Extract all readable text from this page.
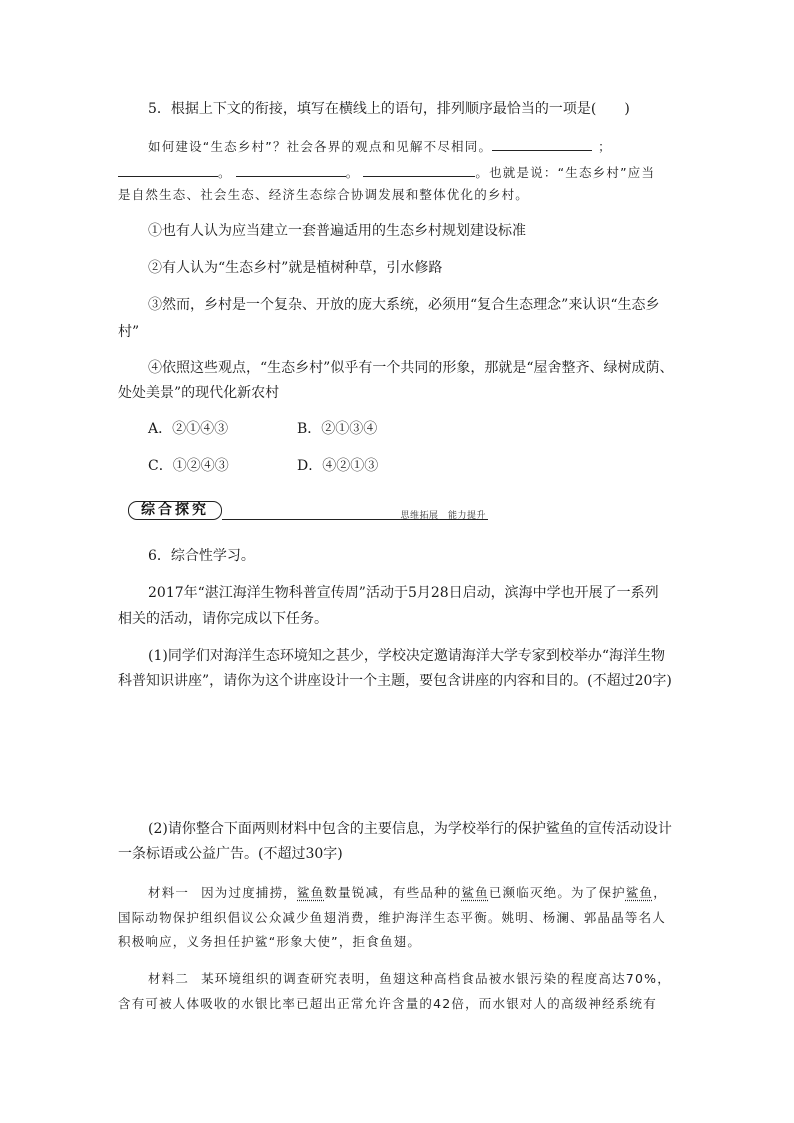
5．根据上下文的衔接，填写在横线上的语句，排列顺序最恰当的一项是(　　)
如何建设“生态乡村”？社会各界的观点和见解不尽相同。	；
。	。	。也就是说：“生态乡村”应当
是自然生态、社会生态、经济生态综合协调发展和整体优化的乡村。
①也有人认为应当建立一套普遍适用的生态乡村规划建设标准
②有人认为“生态乡村”就是植树种草，引水修路
③然而，乡村是一个复杂、开放的庞大系统，必须用“复合生态理念”来认识“生态乡
村”
④依照这些观点，“生态乡村”似乎有一个共同的形象，那就是“屋舍整齐、绿树成荫、
处处美景”的现代化新农村
A．②①④③	B．②①③④
C．①②④③	D．④②①③
综合探究	思维拓展　能力提升
6．综合性学习。
2017年“湛江海洋生物科普宣传周”活动于5月28日启动，滨海中学也开展了一系列
相关的活动，请你完成以下任务。
(1)同学们对海洋生态环境知之甚少，学校决定邀请海洋大学专家到校举办“海洋生物
科普知识讲座”，请你为这个讲座设计一个主题，要包含讲座的内容和目的。(不超过20字)
(2)请你整合下面两则材料中包含的主要信息，为学校举行的保护鲨鱼的宣传活动设计
一条标语或公益广告。(不超过30字)
材料一 因为过度捕捞，鲨鱼数量锐减，有些品种的鲨鱼已濒临灭绝。为了保护鲨鱼，
国际动物保护组织倡议公众减少鱼翅消费，维护海洋生态平衡。姚明、杨澜、郭晶晶等名人
积极响应，义务担任护鲨“形象大使”，拒食鱼翅。
材料二 某环境组织的调查研究表明，鱼翅这种高档食品被水银污染的程度高达70%，
含有可被人体吸收的水银比率已超出正常允许含量的42倍，而水银对人的高级神经系统有
